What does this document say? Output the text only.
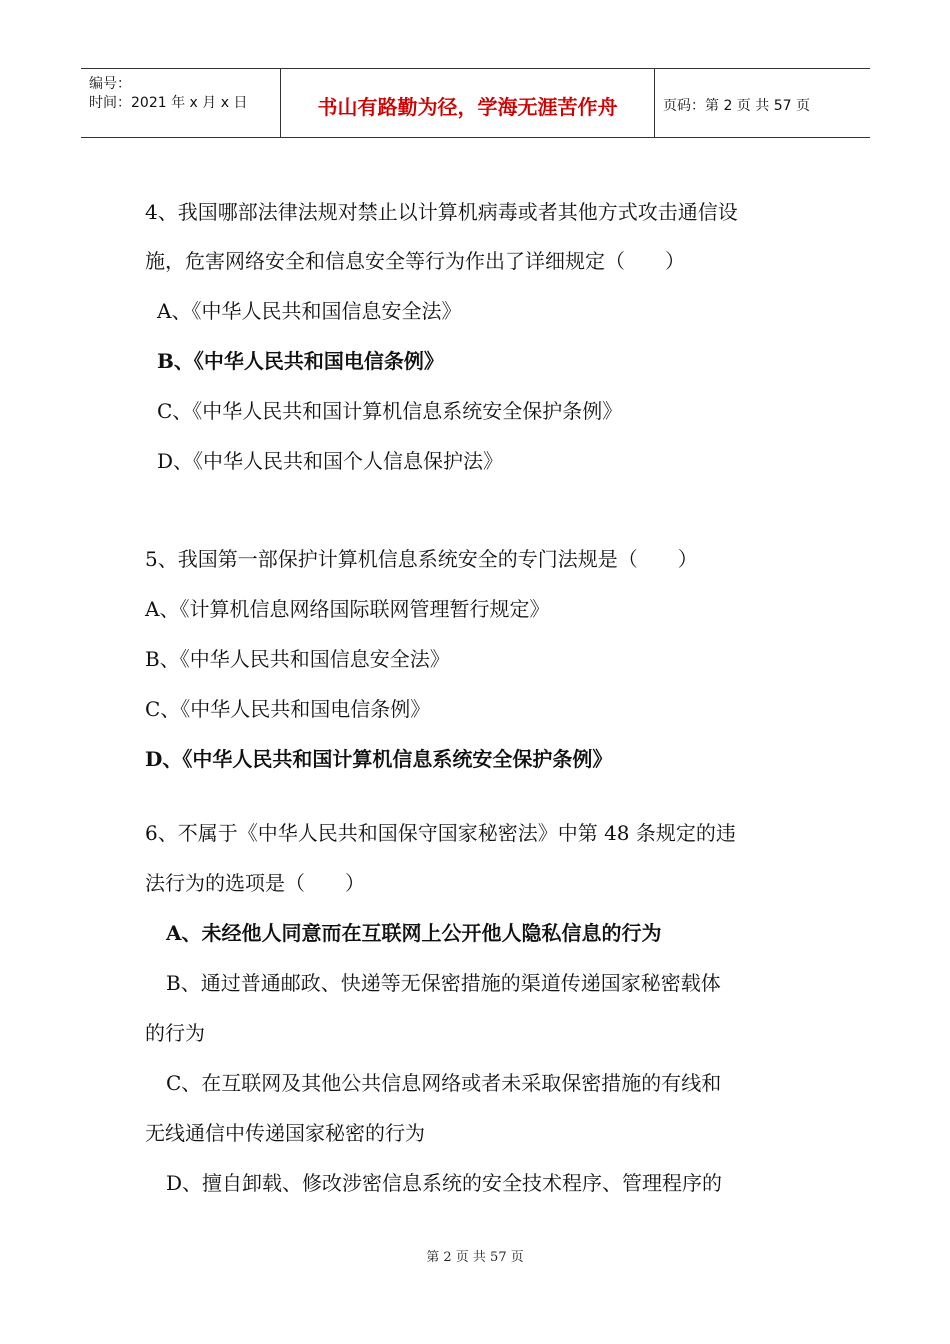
编号：
时间：2021 年 x 月 x 日	书山有路勤为径，学海无涯苦作舟	页码：第 2 页 共 57 页
4、我国哪部法律法规对禁止以计算机病毒或者其他方式攻击通信设
施，危害网络安全和信息安全等行为作出了详细规定（　　）
A、《中华人民共和国信息安全法》
B、《中华人民共和国电信条例》
C、《中华人民共和国计算机信息系统安全保护条例》
D、《中华人民共和国个人信息保护法》
5、我国第一部保护计算机信息系统安全的专门法规是（　　）
A、《计算机信息网络国际联网管理暂行规定》
B、《中华人民共和国信息安全法》
C、《中华人民共和国电信条例》
D、《中华人民共和国计算机信息系统安全保护条例》
6、不属于《中华人民共和国保守国家秘密法》中第 48 条规定的违
法行为的选项是（　　）
A、未经他人同意而在互联网上公开他人隐私信息的行为
B、通过普通邮政、快递等无保密措施的渠道传递国家秘密载体
的行为
C、在互联网及其他公共信息网络或者未采取保密措施的有线和
无线通信中传递国家秘密的行为
D、擅自卸载、修改涉密信息系统的安全技术程序、管理程序的
第 2 页 共 57 页
